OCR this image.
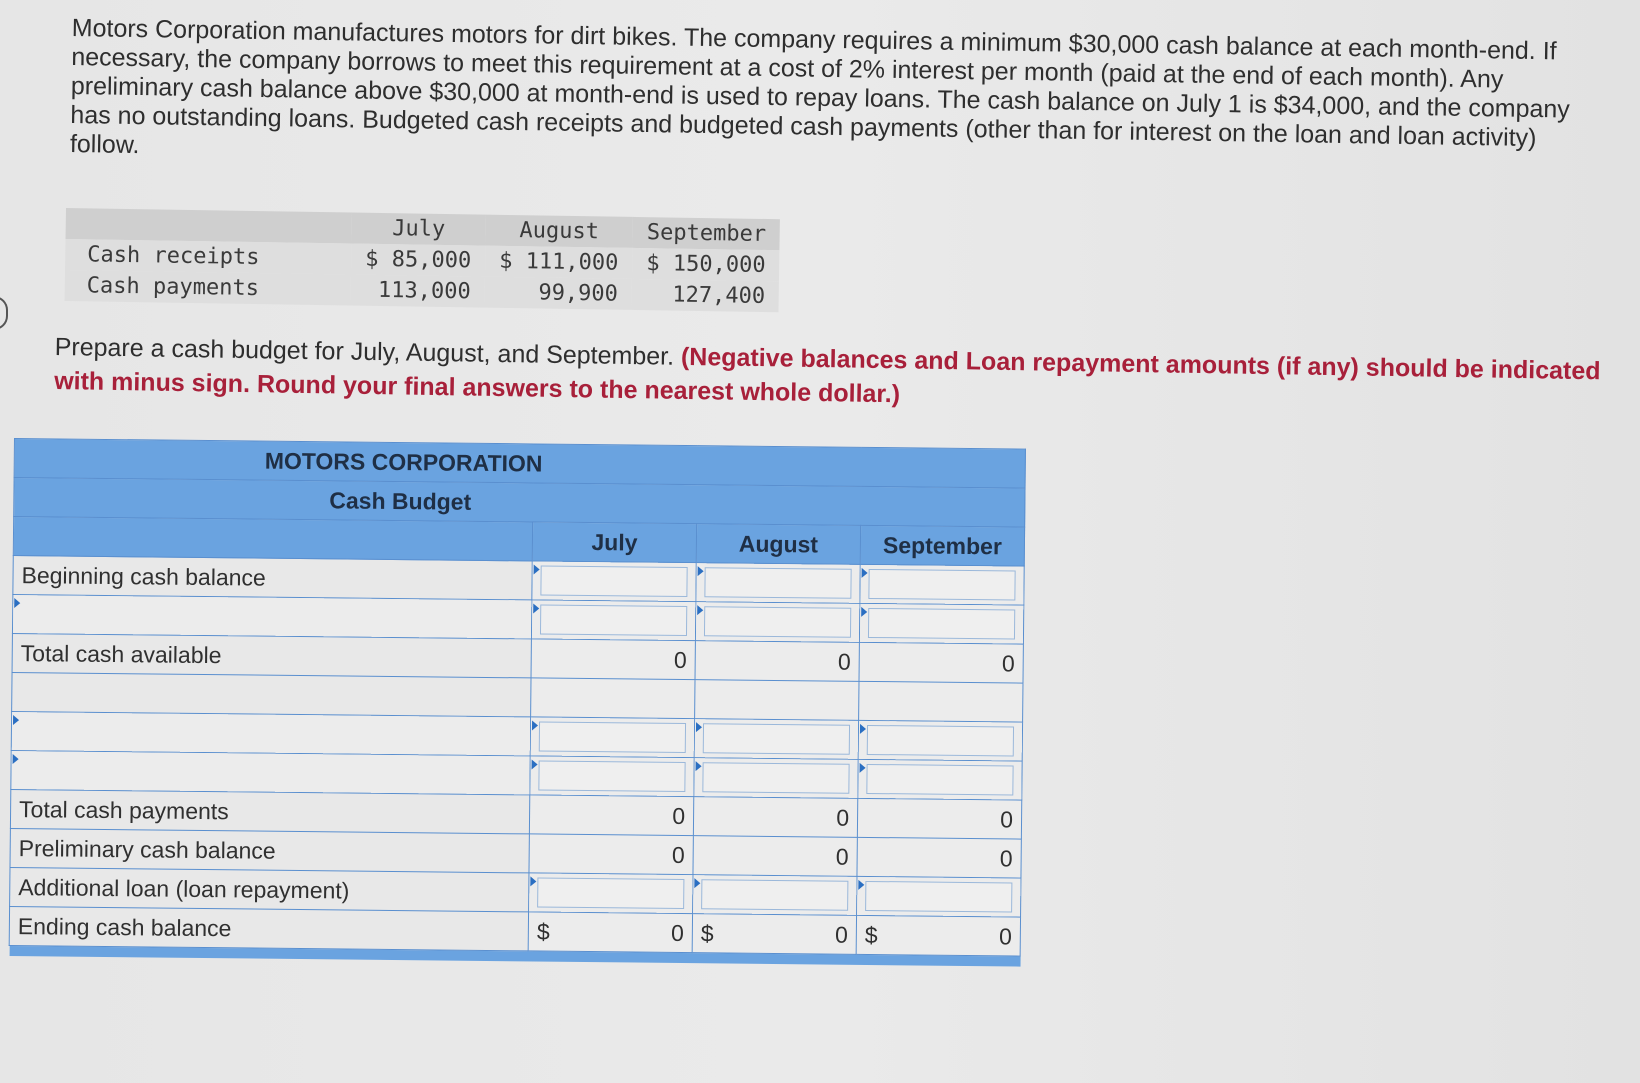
Motors Corporation manufactures motors for dirt bikes. The company requires a minimum $30,000 cash balance at each month-end. If necessary, the company borrows to meet this requirement at a cost of 2% interest per month (paid at the end of each month). Any preliminary cash balance above $30,000 at month-end is used to repay loans. The cash balance on July 1 is $34,000, and the company has no outstanding loans. Budgeted cash receipts and budgeted cash payments (other than for interest on the loan and loan activity) follow.
	July	August	September
Cash receipts	$ 85,000	$ 111,000	$ 150,000
Cash payments	113,000	99,900	127,400
Prepare a cash budget for July, August, and September. (Negative balances and Loan repayment amounts (if any) should be indicated with minus sign. Round your final answers to the nearest whole dollar.)
MOTORS CORPORATION			
Cash Budget			
	July	August	September
Beginning cash balance	

Total cash available	0	0	0

Total cash payments	0	0	0
Preliminary cash balance	0	0	0
Additional loan (loan repayment)	

Ending cash balance	$ 0	$ 0	$ 0
